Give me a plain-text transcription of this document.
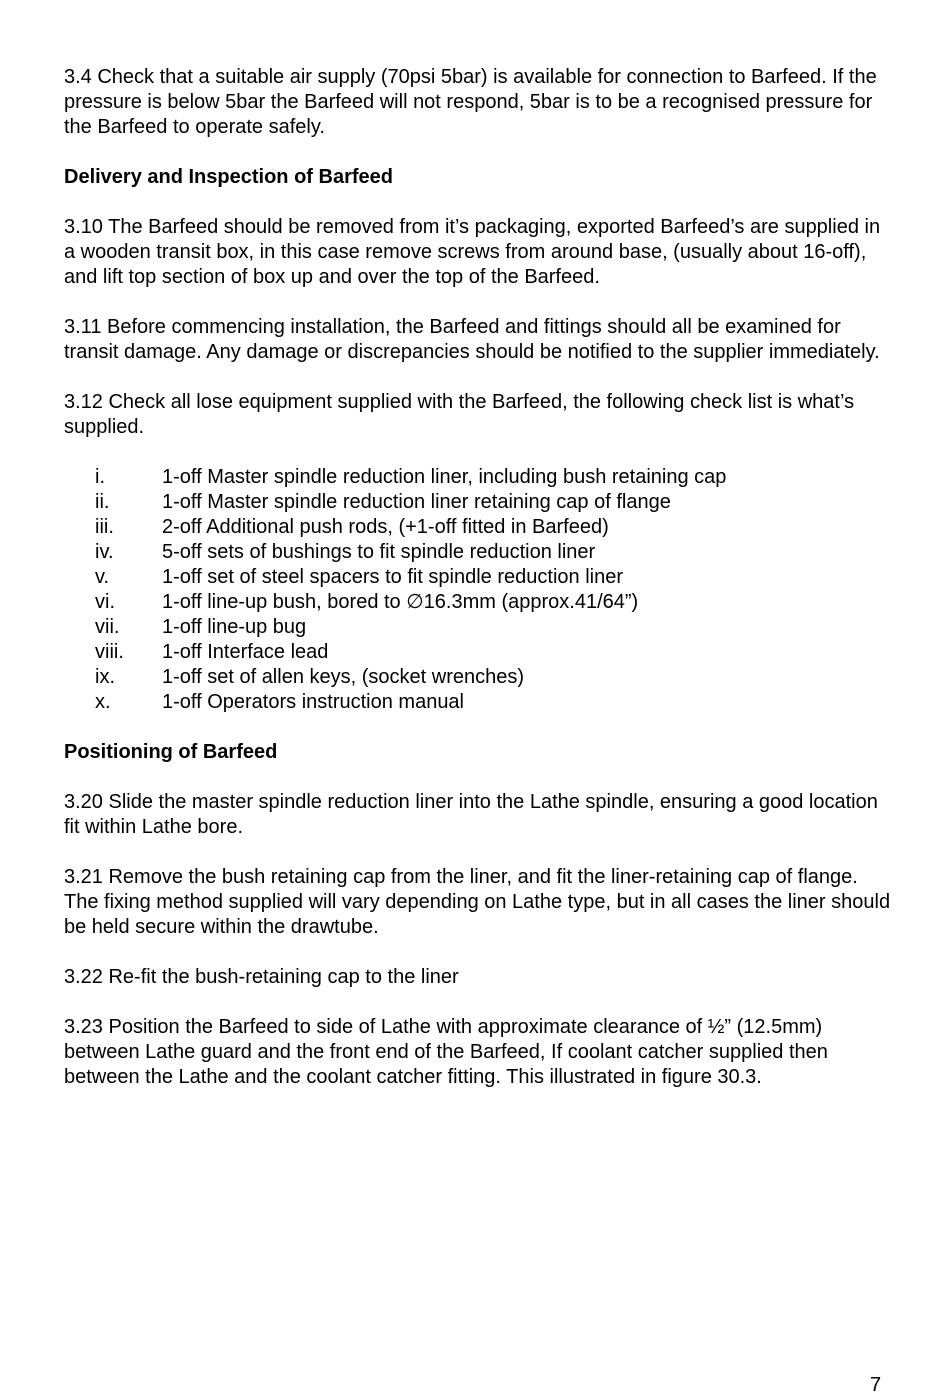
3.4 Check that a suitable air supply (70psi 5bar) is available for connection to Barfeed. If the pressure is below 5bar the Barfeed will not respond, 5bar is to be a recognised pressure for the Barfeed to operate safely.

Delivery and Inspection of Barfeed

3.10 The Barfeed should be removed from it’s packaging, exported Barfeed’s are supplied in a wooden transit box, in this case remove screws from around base, (usually about 16-off), and lift top section of box up and over the top of the Barfeed.

3.11 Before commencing installation, the Barfeed and fittings should all be examined for transit damage. Any damage or discrepancies should be notified to the supplier immediately.

3.12 Check all lose equipment supplied with the Barfeed, the following check list is what’s supplied.

i.	1-off Master spindle reduction liner, including bush retaining cap
ii.	1-off Master spindle reduction liner retaining cap of flange
iii.	2-off Additional push rods, (+1-off fitted in Barfeed)
iv.	5-off sets of bushings to fit spindle reduction liner
v.	1-off set of steel spacers to fit spindle reduction liner
vi.	1-off line-up bush, bored to ∅16.3mm (approx.41/64”)
vii.	1-off line-up bug
viii.	1-off Interface lead
ix.	1-off set of allen keys, (socket wrenches)
x.	1-off Operators instruction manual
Positioning of Barfeed

3.20 Slide the master spindle reduction liner into the Lathe spindle, ensuring a good location fit within Lathe bore.

3.21 Remove the bush retaining cap from the liner, and fit the liner-retaining cap of flange. The fixing method supplied will vary depending on Lathe type, but in all cases the liner should be held secure within the drawtube.

3.22 Re-fit the bush-retaining cap to the liner

3.23 Position the Barfeed to side of Lathe with approximate clearance of ½” (12.5mm) between Lathe guard and the front end of the Barfeed, If coolant catcher supplied then between the Lathe and the coolant catcher fitting. This illustrated in figure 30.3.

7
